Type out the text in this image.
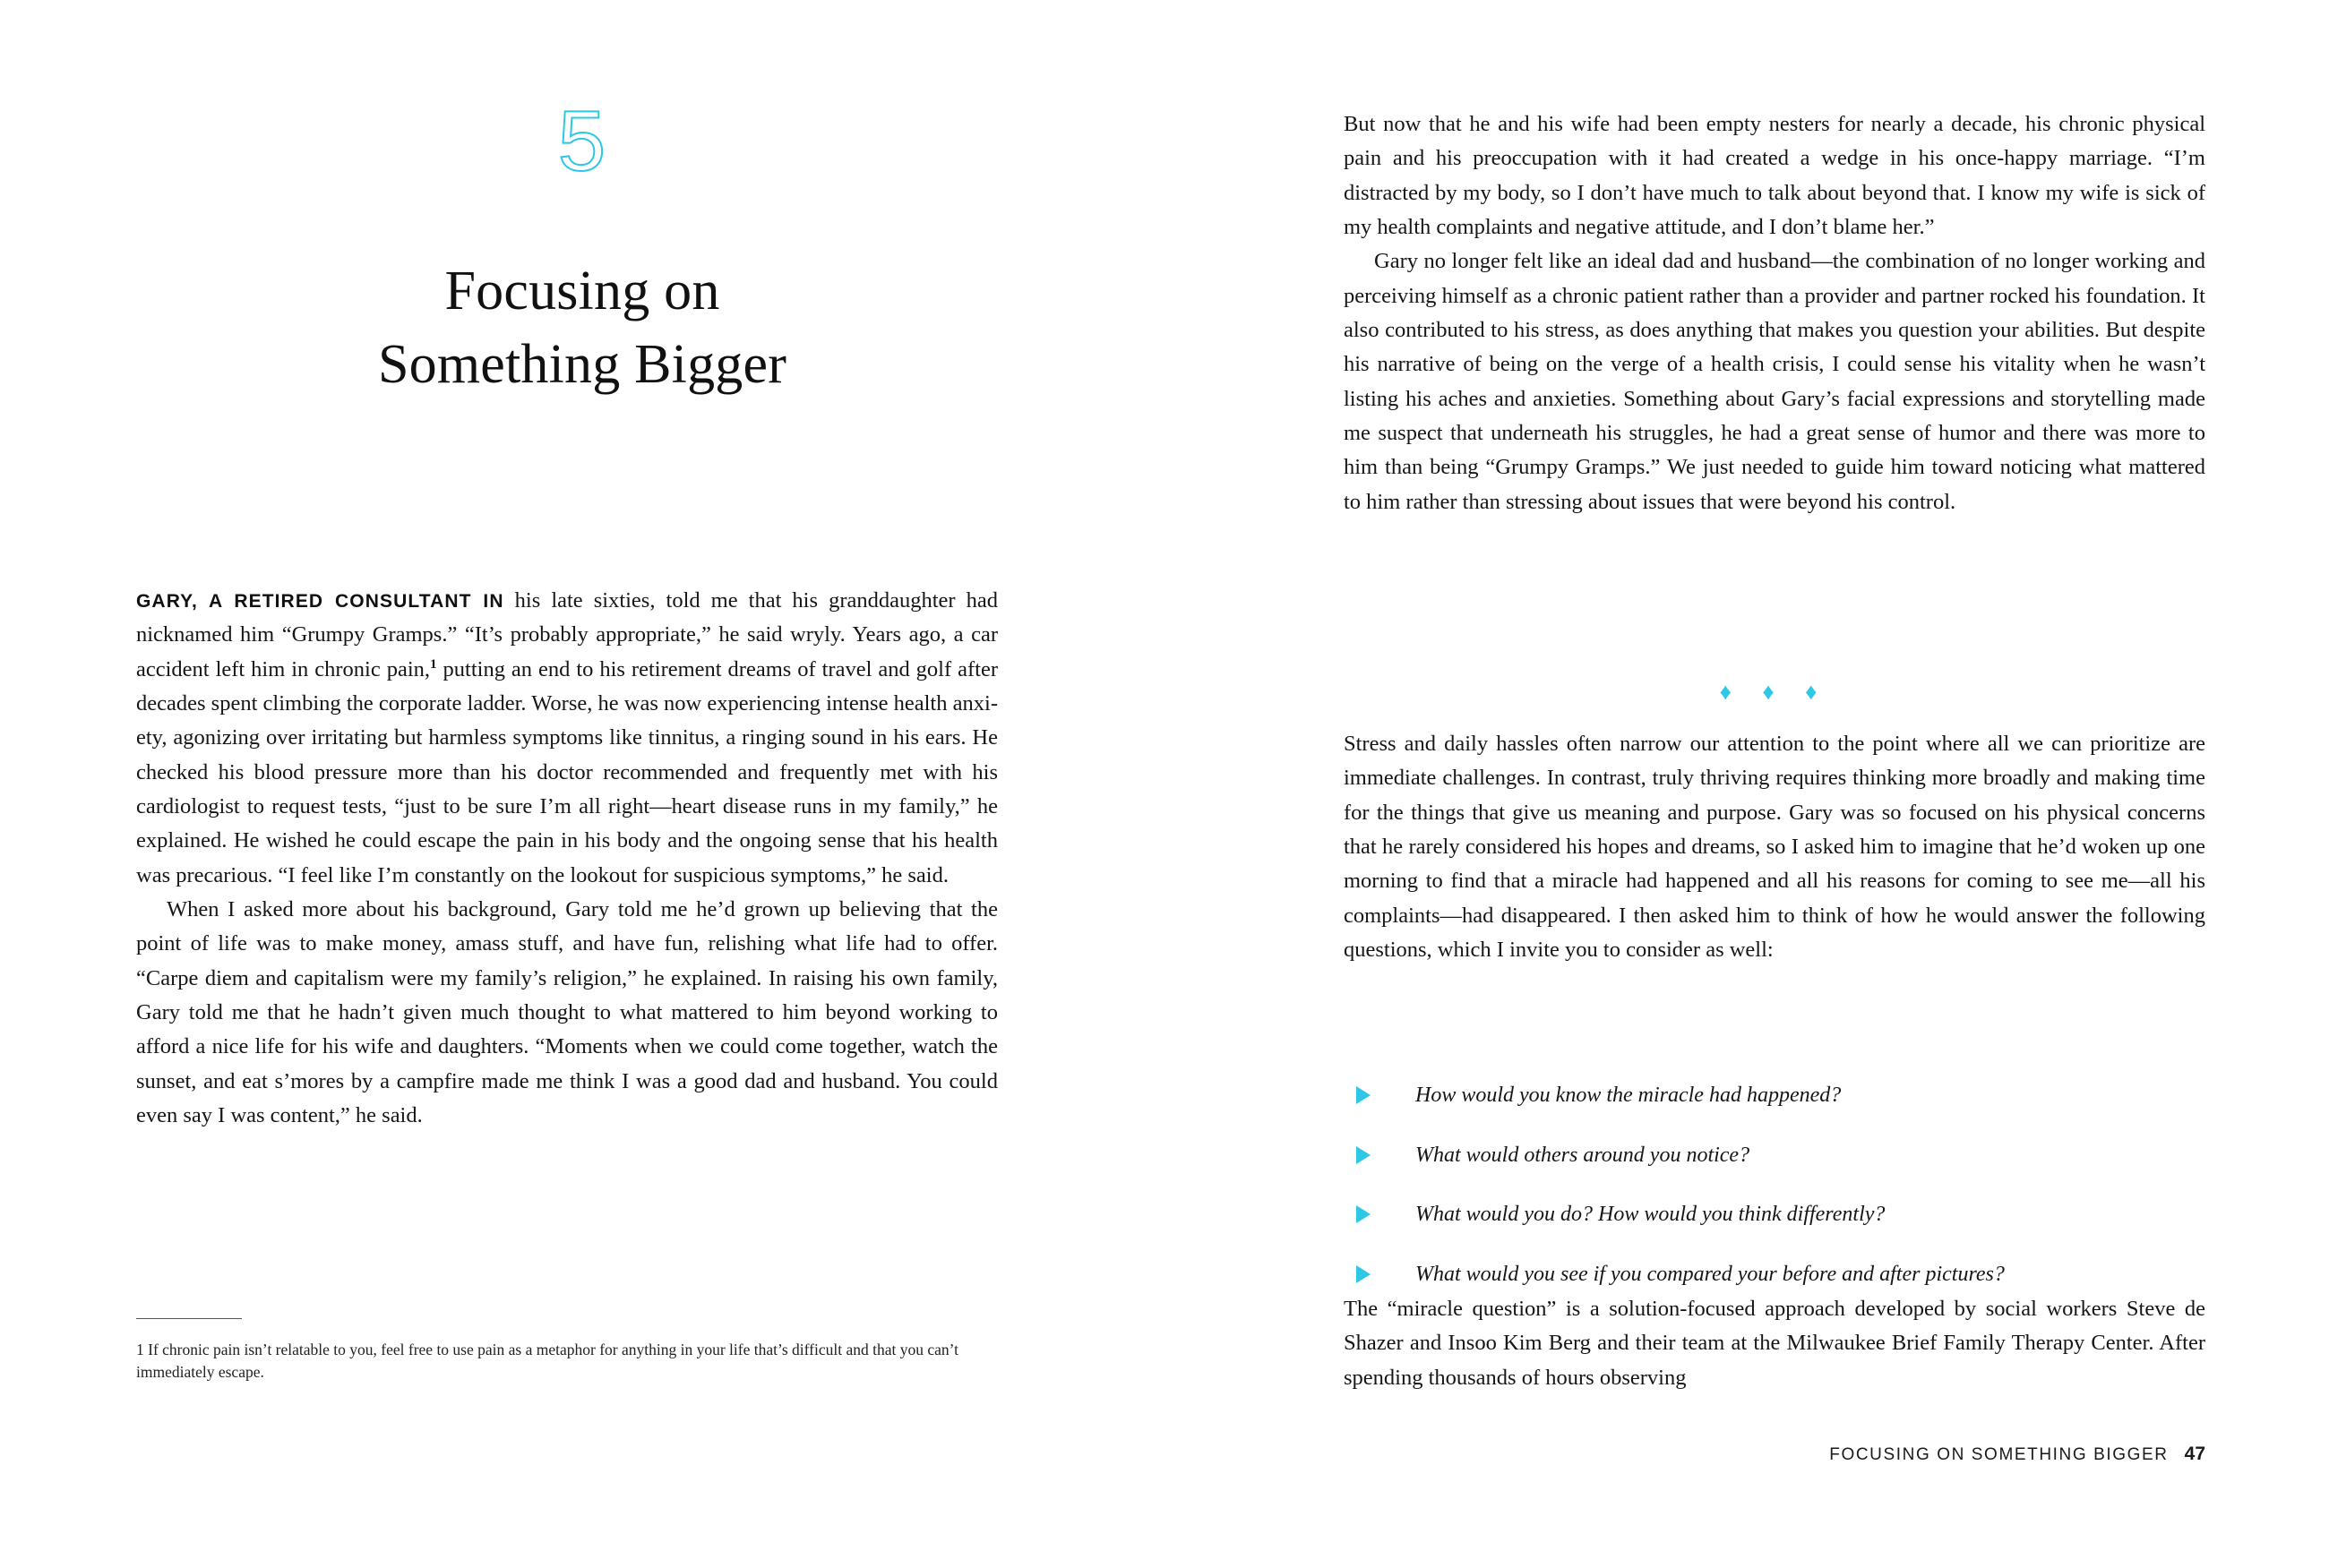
5
Focusing on
Something Bigger

GARY, A RETIRED CONSULTANT IN his late sixties, told me that his granddaughter had nicknamed him “Grumpy Gramps.” “It’s probably appropriate,” he said wryly. Years ago, a car accident left him in chronic pain,$^1$ putting an end to his retirement dreams of travel and golf after decades spent climbing the corporate ladder. Worse, he was now experiencing intense health anxiety, agonizing over irritating but harmless symptoms like tinnitus, a ringing sound in his ears. He checked his blood pressure more than his doctor recommended and frequently met with his cardiologist to request tests, “just to be sure I’m all right—heart disease runs in my family,” he explained. He wished he could escape the pain in his body and the ongoing sense that his health was precarious. “I feel like I’m constantly on the lookout for suspicious symptoms,” he said.

When I asked more about his background, Gary told me he’d grown up believing that the point of life was to make money, amass stuff, and have fun, relishing what life had to offer. “Carpe diem and capitalism were my family’s religion,” he explained. In raising his own family, Gary told me that he hadn’t given much thought to what mattered to him beyond working to afford a nice life for his wife and daughters. “Moments when we could come together, watch the sunset, and eat s’mores by a campfire made me think I was a good dad and husband. You could even say I was content,” he said.

1 If chronic pain isn’t relatable to you, feel free to use pain as a metaphor for anything in your life that’s difficult and that you can’t immediately escape.

But now that he and his wife had been empty nesters for nearly a decade, his chronic physical pain and his preoccupation with it had created a wedge in his once-happy marriage. “I’m distracted by my body, so I don’t have much to talk about beyond that. I know my wife is sick of my health complaints and negative attitude, and I don’t blame her.”

Gary no longer felt like an ideal dad and husband—the combination of no longer working and perceiving himself as a chronic patient rather than a provider and partner rocked his foundation. It also contributed to his stress, as does anything that makes you question your abilities. But despite his narrative of being on the verge of a health crisis, I could sense his vitality when he wasn’t listing his aches and anxieties. Something about Gary’s facial expressions and storytelling made me suspect that underneath his struggles, he had a great sense of humor and there was more to him than being “Grumpy Gramps.” We just needed to guide him toward noticing what mattered to him rather than stressing about issues that were beyond his control.

♦ ♦ ♦

Stress and daily hassles often narrow our attention to the point where all we can prioritize are immediate challenges. In contrast, truly thriving requires thinking more broadly and making time for the things that give us meaning and purpose. Gary was so focused on his physical concerns that he rarely considered his hopes and dreams, so I asked him to imagine that he’d woken up one morning to find that a miracle had happened and all his reasons for coming to see me—all his complaints—had disappeared. I then asked him to think of how he would answer the following questions, which I invite you to consider as well:

How would you know the miracle had happened?
What would others around you notice?
What would you do? How would you think differently?
What would you see if you compared your before and after pictures?

The “miracle question” is a solution-focused approach developed by social workers Steve de Shazer and Insoo Kim Berg and their team at the Milwaukee Brief Family Therapy Center. After spending thousands of hours observing

FOCUSING ON SOMETHING BIGGER 47
